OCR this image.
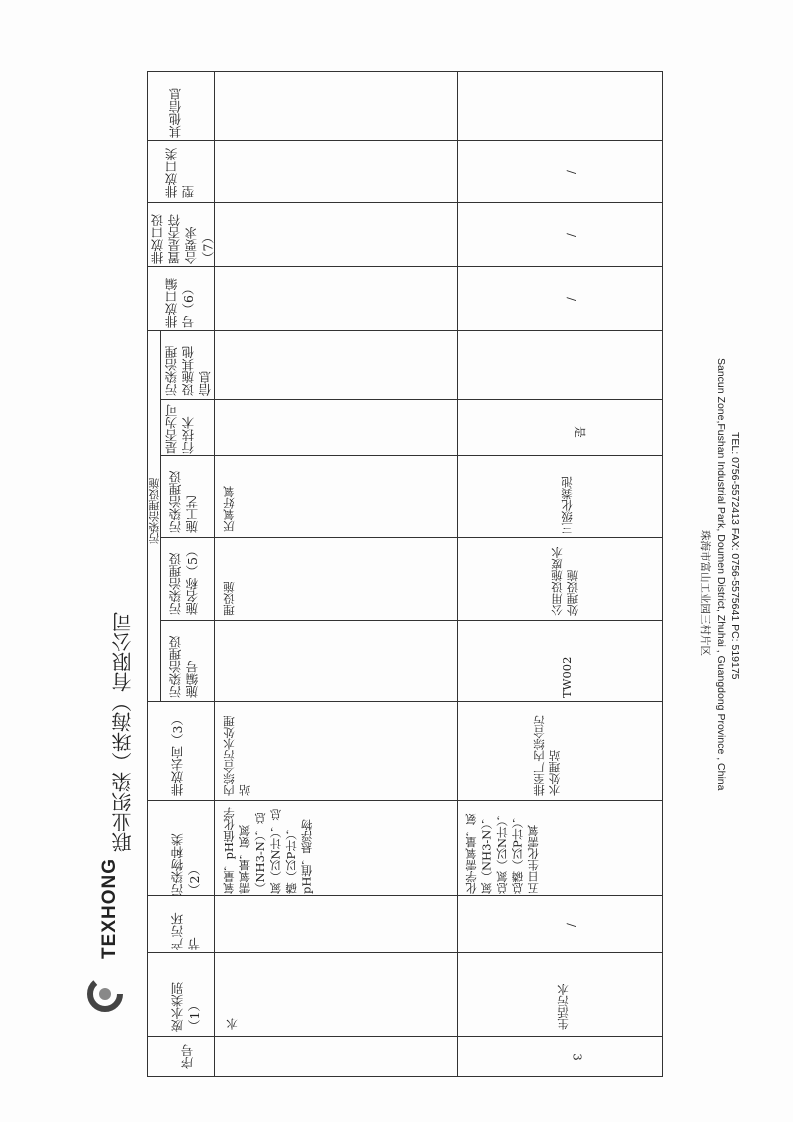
TEXHONG
联业织染（珠海）有限公司
序号
废水类别（1）
产污环节
污染物种类（2）
排放去向（3）
污染治理设施
污染治理设施编号
污染治理设施名称（5）
污染治理设施工艺
是否为可行技术
污染治理设施其他信息
排放口编号（6）
排放口设置是否符合要求（7）
排放口类型
其他信息
水
氧量，pH值化学需氧量，氨氮（NH3-N），总氮（以N计），总磷（以P计），pH值，悬浮物
内综合污水处理站
理设施
厌氧好氧
3
生活污水
/
化学需氧量，氨氮（NH3-N），总氮（以N计），总磷（以P计），五日生化需氧
排至厂内综合污水处理站
TW002
公用设施废水处理设施
三级化粪池
是
/
/
/
珠海市富山工业园三村片区 Sancun Zone,Fushan Industrial Park, Doumen District, Zhuhai , Guangdong Province , China TEL: 0756-5572413 FAX: 0756-5575641 PC: 519175
